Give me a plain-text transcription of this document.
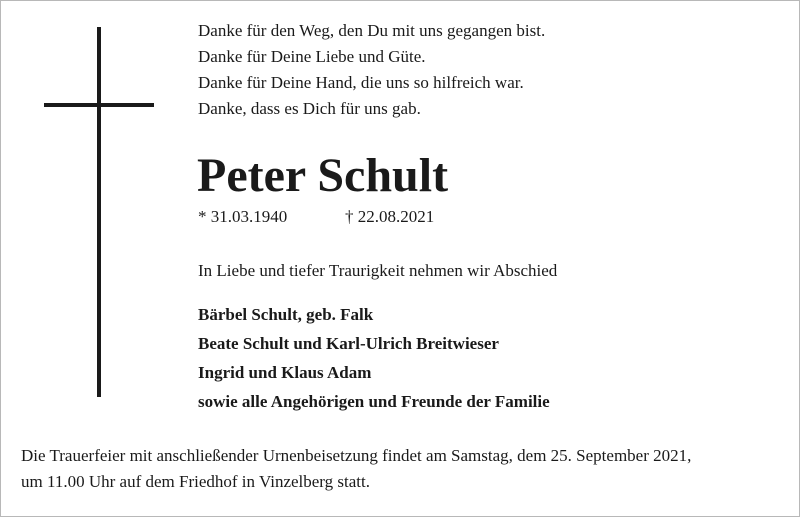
Danke für den Weg, den Du mit uns gegangen bist.
Danke für Deine Liebe und Güte.
Danke für Deine Hand, die uns so hilfreich war.
Danke, dass es Dich für uns gab.
Peter Schult
* 31.03.1940	† 22.08.2021
In Liebe und tiefer Traurigkeit nehmen wir Abschied
Bärbel Schult, geb. Falk
Beate Schult und Karl-Ulrich Breitwieser
Ingrid und Klaus Adam
sowie alle Angehörigen und Freunde der Familie
Die Trauerfeier mit anschließender Urnenbeisetzung findet am Samstag, dem 25. September 2021,
um 11.00 Uhr auf dem Friedhof in Vinzelberg statt.
